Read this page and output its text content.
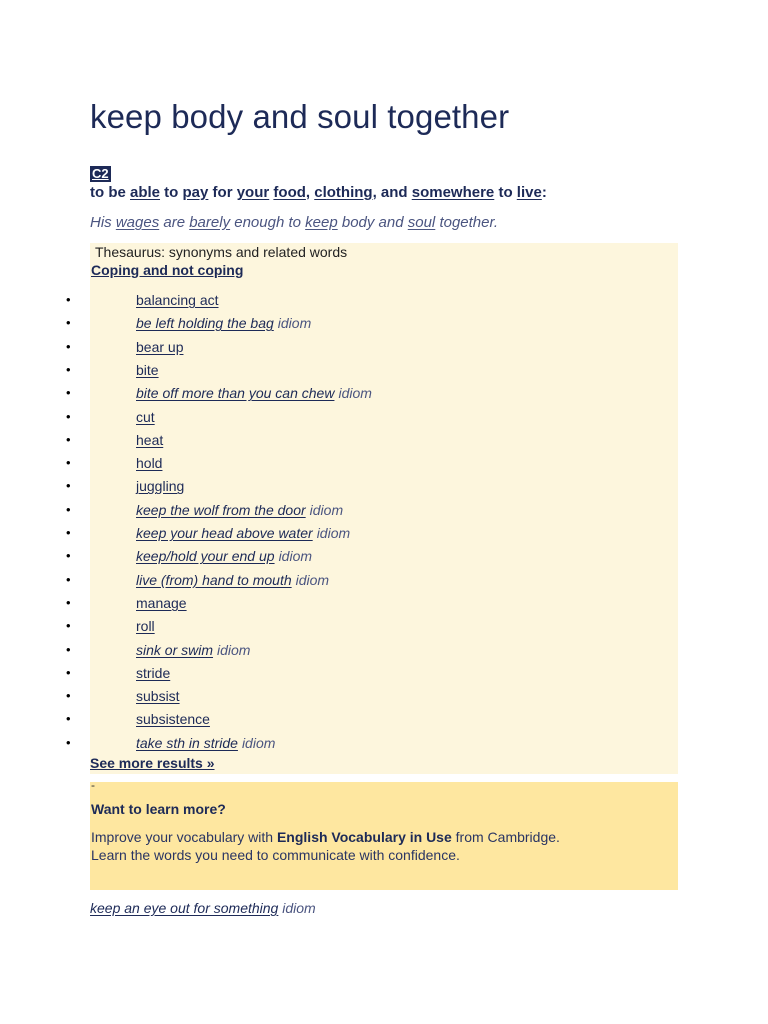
keep body and soul together
C2
to be able to pay for your food, clothing, and somewhere to live:
His wages are barely enough to keep body and soul together.
Thesaurus: synonyms and related words
Coping and not coping
•	balancing act
•	be left holding the bag idiom
•	bear up
•	bite
•	bite off more than you can chew idiom
•	cut
•	heat
•	hold
•	juggling
•	keep the wolf from the door idiom
•	keep your head above water idiom
•	keep/hold your end up idiom
•	live (from) hand to mouth idiom
•	manage
•	roll
•	sink or swim idiom
•	stride
•	subsist
•	subsistence
•	take sth in stride idiom
See more results »
-
Want to learn more?
Improve your vocabulary with English Vocabulary in Use from Cambridge.
Learn the words you need to communicate with confidence.
keep an eye out for something idiom
